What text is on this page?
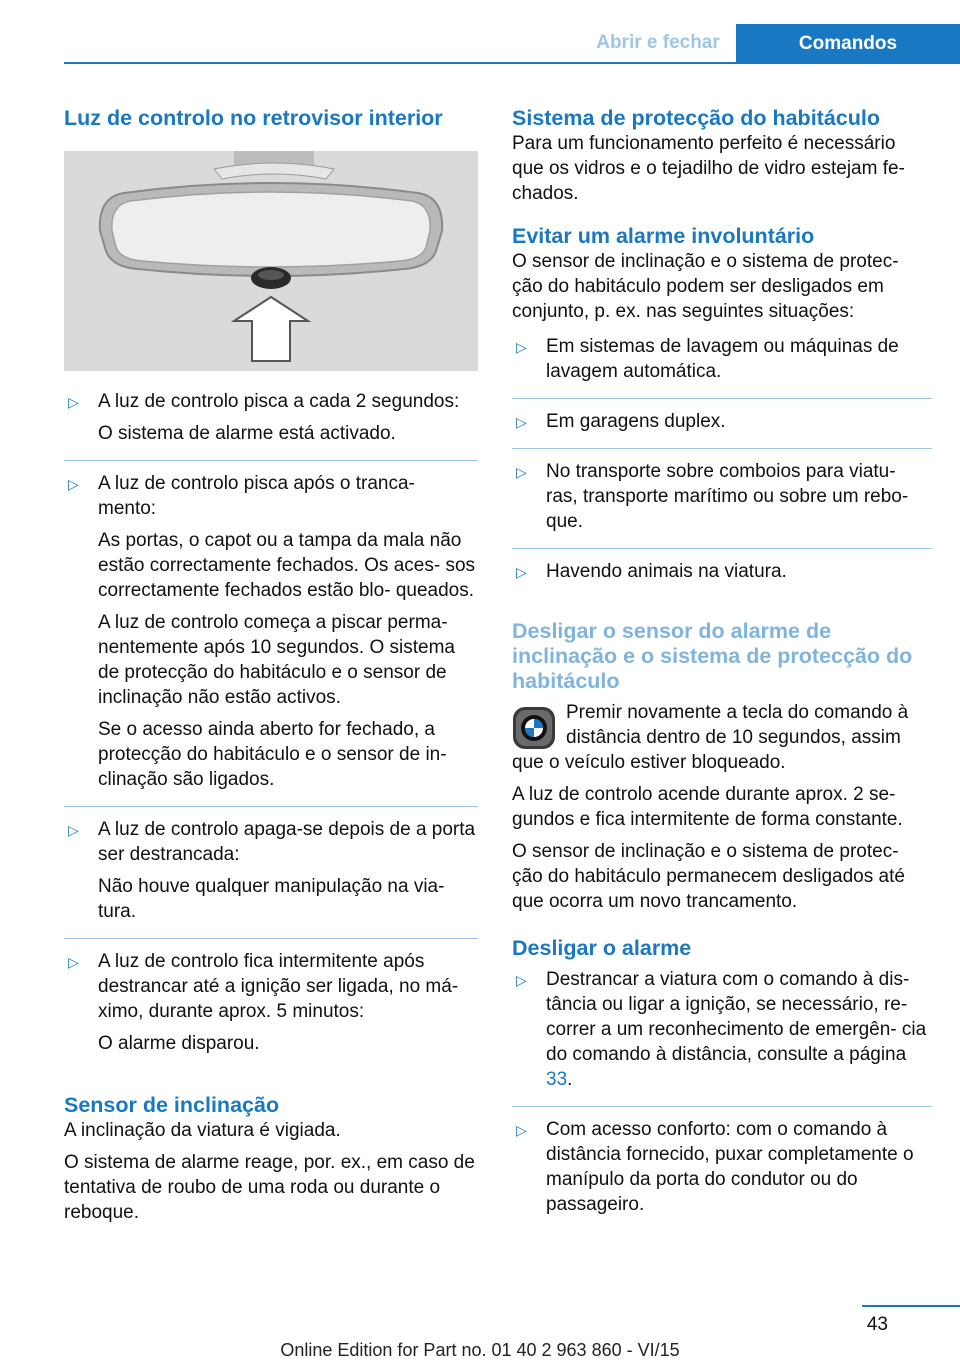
Abrir e fechar	Comandos
Luz de controlo no retrovisor interior
▷ A luz de controlo pisca a cada 2 segundos:

O sistema de alarme está activado.

▷ A luz de controlo pisca após o tranca- mento:

As portas, o capot ou a tampa da mala não estão correctamente fechados. Os aces- sos correctamente fechados estão blo- queados.

A luz de controlo começa a piscar perma- nentemente após 10 segundos. O sistema de protecção do habitáculo e o sensor de inclinação não estão activos.

Se o acesso ainda aberto for fechado, a protecção do habitáculo e o sensor de in- clinação são ligados.

▷ A luz de controlo apaga-se depois de a porta ser destrancada:

Não houve qualquer manipulação na via- tura.

▷ A luz de controlo fica intermitente após destrancar até a ignição ser ligada, no má- ximo, durante aprox. 5 minutos:

O alarme disparou.

Sensor de inclinação

A inclinação da viatura é vigiada.

O sistema de alarme reage, por. ex., em caso de tentativa de roubo de uma roda ou durante o reboque.

Sistema de protecção do habitáculo

Para um funcionamento perfeito é necessário que os vidros e o tejadilho de vidro estejam fe- chados.

Evitar um alarme involuntário

O sensor de inclinação e o sistema de protec- ção do habitáculo podem ser desligados em conjunto, p. ex. nas seguintes situações:

▷ Em sistemas de lavagem ou máquinas de lavagem automática.

▷ Em garagens duplex.

▷ No transporte sobre comboios para viatu- ras, transporte marítimo ou sobre um rebo- que.

▷ Havendo animais na viatura.

Desligar o sensor do alarme de inclinação e o sistema de protecção do habitáculo

Premir novamente a tecla do comando à distância dentro de 10 segundos, assim que o veículo estiver bloqueado.

A luz de controlo acende durante aprox. 2 se- gundos e fica intermitente de forma constante.

O sensor de inclinação e o sistema de protec- ção do habitáculo permanecem desligados até que ocorra um novo trancamento.

Desligar o alarme
▷ Destrancar a viatura com o comando à dis- tância ou ligar a ignição, se necessário, re- correr a um reconhecimento de emergên- cia do comando à distância, consulte a página 33.

▷ Com acesso conforto: com o comando à distância fornecido, puxar completamente o manípulo da porta do condutor ou do passageiro.

43
Online Edition for Part no. 01 40 2 963 860 - VI/15
